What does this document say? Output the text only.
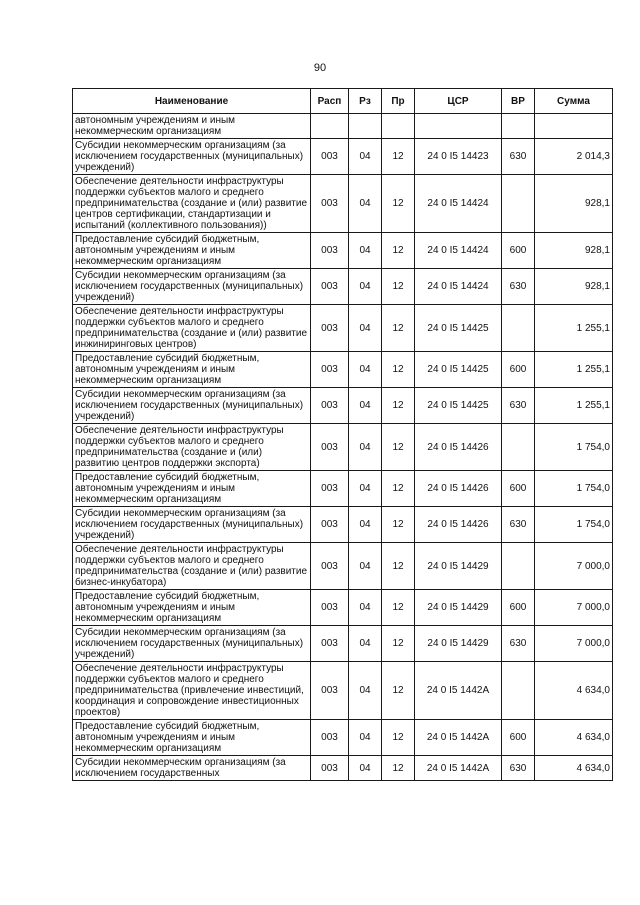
90
Наименование	Расп	Рз	Пр	ЦСР	ВР	Сумма
автономным учреждениям и иным некоммерческим организациям						
Субсидии некоммерческим организациям (за исключением государственных (муниципальных) учреждений)	003	04	12	24 0 I5 14423	630	2 014,3
Обеспечение деятельности инфраструктуры поддержки субъектов малого и среднего предпринимательства (создание и (или) развитие центров сертификации, стандартизации и испытаний (коллективного пользования))	003	04	12	24 0 I5 14424		928,1
Предоставление субсидий бюджетным, автономным учреждениям и иным некоммерческим организациям	003	04	12	24 0 I5 14424	600	928,1
Субсидии некоммерческим организациям (за исключением государственных (муниципальных) учреждений)	003	04	12	24 0 I5 14424	630	928,1
Обеспечение деятельности инфраструктуры поддержки субъектов малого и среднего предпринимательства (создание и (или) развитие инжиниринговых центров)	003	04	12	24 0 I5 14425		1 255,1
Предоставление субсидий бюджетным, автономным учреждениям и иным некоммерческим организациям	003	04	12	24 0 I5 14425	600	1 255,1
Субсидии некоммерческим организациям (за исключением государственных (муниципальных) учреждений)	003	04	12	24 0 I5 14425	630	1 255,1
Обеспечение деятельности инфраструктуры поддержки субъектов малого и среднего предпринимательства (создание и (или) развитию центров поддержки экспорта)	003	04	12	24 0 I5 14426		1 754,0
Предоставление субсидий бюджетным, автономным учреждениям и иным некоммерческим организациям	003	04	12	24 0 I5 14426	600	1 754,0
Субсидии некоммерческим организациям (за исключением государственных (муниципальных) учреждений)	003	04	12	24 0 I5 14426	630	1 754,0
Обеспечение деятельности инфраструктуры поддержки субъектов малого и среднего предпринимательства (создание и (или) развитие бизнес-инкубатора)	003	04	12	24 0 I5 14429		7 000,0
Предоставление субсидий бюджетным, автономным учреждениям и иным некоммерческим организациям	003	04	12	24 0 I5 14429	600	7 000,0
Субсидии некоммерческим организациям (за исключением государственных (муниципальных) учреждений)	003	04	12	24 0 I5 14429	630	7 000,0
Обеспечение деятельности инфраструктуры поддержки субъектов малого и среднего предпринимательства (привлечение инвестиций, координация и сопровождение инвестиционных проектов)	003	04	12	24 0 I5 1442A		4 634,0
Предоставление субсидий бюджетным, автономным учреждениям и иным некоммерческим организациям	003	04	12	24 0 I5 1442A	600	4 634,0
Субсидии некоммерческим организациям (за исключением государственных	003	04	12	24 0 I5 1442A	630	4 634,0
